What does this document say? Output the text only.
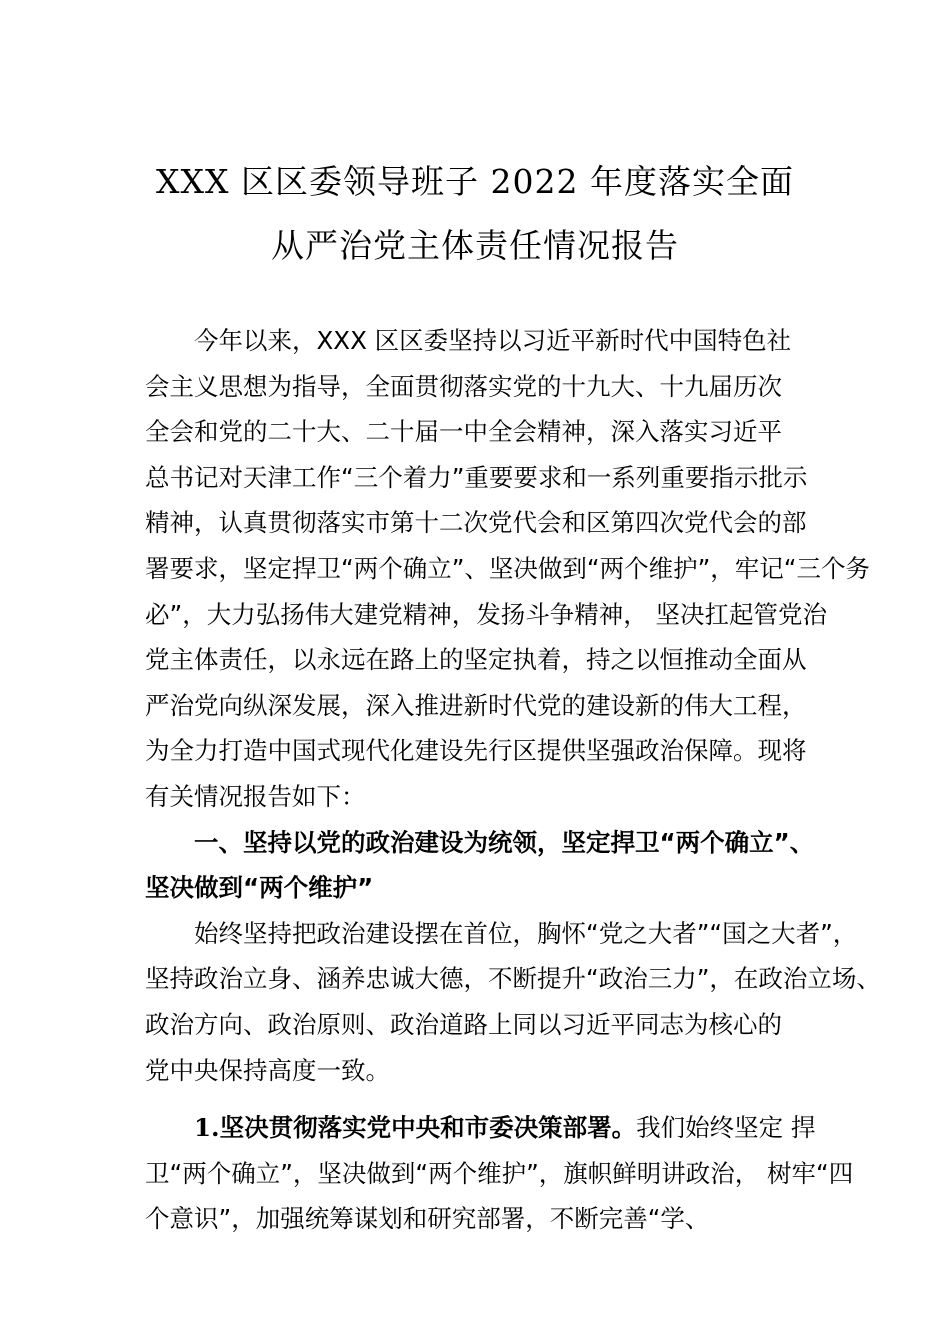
XXX 区区委领导班子 2022 年度落实全面
从严治党主体责任情况报告
今年以来，XXX 区区委坚持以习近平新时代中国特色社
会主义思想为指导，全面贯彻落实党的十九大、十九届历次
全会和党的二十大、二十届一中全会精神，深入落实习近平
总书记对天津工作“三个着力”重要要求和一系列重要指示批示
精神，认真贯彻落实市第十二次党代会和区第四次党代会的部
署要求，坚定捍卫“两个确立”、坚决做到“两个维护”，牢记“三个务
必”，大力弘扬伟大建党精神，发扬斗争精神， 坚决扛起管党治
党主体责任，以永远在路上的坚定执着，持之以恒推动全面从
严治党向纵深发展，深入推进新时代党的建设新的伟大工程，
为全力打造中国式现代化建设先行区提供坚强政治保障。现将
有关情况报告如下：
一、坚持以党的政治建设为统领，坚定捍卫“两个确立”、
坚决做到“两个维护”
始终坚持把政治建设摆在首位，胸怀“党之大者”“国之大者”，
坚持政治立身、涵养忠诚大德，不断提升“政治三力”，在政治立场、
政治方向、政治原则、政治道路上同以习近平同志为核心的
党中央保持高度一致。
1.坚决贯彻落实党中央和市委决策部署。我们始终坚定 捍
卫“两个确立”，坚决做到“两个维护”，旗帜鲜明讲政治， 树牢“四
个意识”，加强统筹谋划和研究部署，不断完善“学、
